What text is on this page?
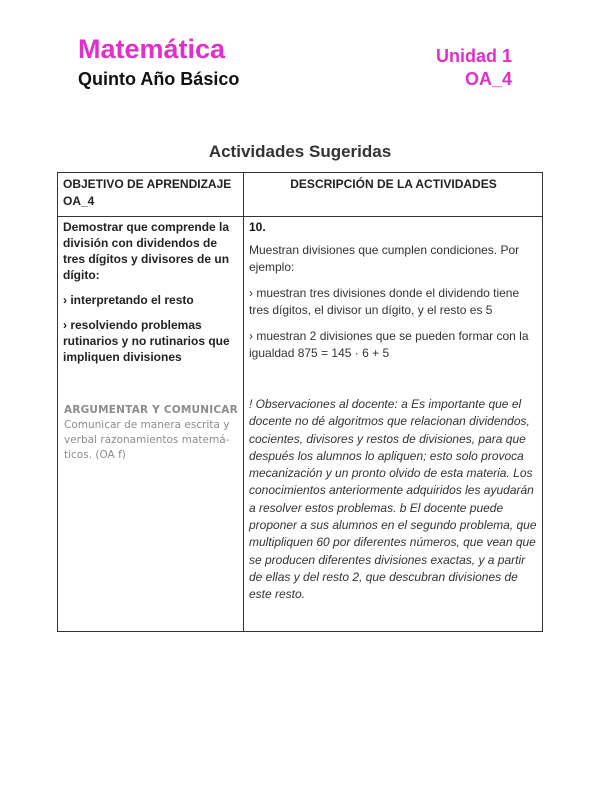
Matemática
Quinto Año Básico
Unidad 1
OA_4
Actividades Sugeridas
OBJETIVO DE APRENDIZAJE OA_4
DESCRIPCIÓN DE LA ACTIVIDADES

Demostrar que comprende la división con dividendos de tres dígitos y divisores de un dígito:

› interpretando el resto

› resolviendo problemas rutinarios y no rutinarios que impliquen divisiones

ARGUMENTAR Y COMUNICAR
Comunicar de manera escrita y verbal razonamientos matemá-ticos. (OA f)

10.

Muestran divisiones que cumplen condiciones. Por ejemplo:

› muestran tres divisiones donde el dividendo tiene tres dígitos, el divisor un dígito, y el resto es 5

› muestran 2 divisiones que se pueden formar con la igualdad 875 = 145 · 6 + 5

! Observaciones al docente: a Es importante que el docente no dé algoritmos que relacionan dividendos, cocientes, divisores y restos de divisiones, para que después los alumnos lo apliquen; esto solo provoca mecanización y un pronto olvido de esta materia. Los conocimientos anteriormente adquiridos les ayudarán a resolver estos problemas. b El docente puede proponer a sus alumnos en el segundo problema, que multipliquen 60 por diferentes números, que vean que se producen diferentes divisiones exactas, y a partir de ellas y del resto 2, que descubran divisiones de este resto.
